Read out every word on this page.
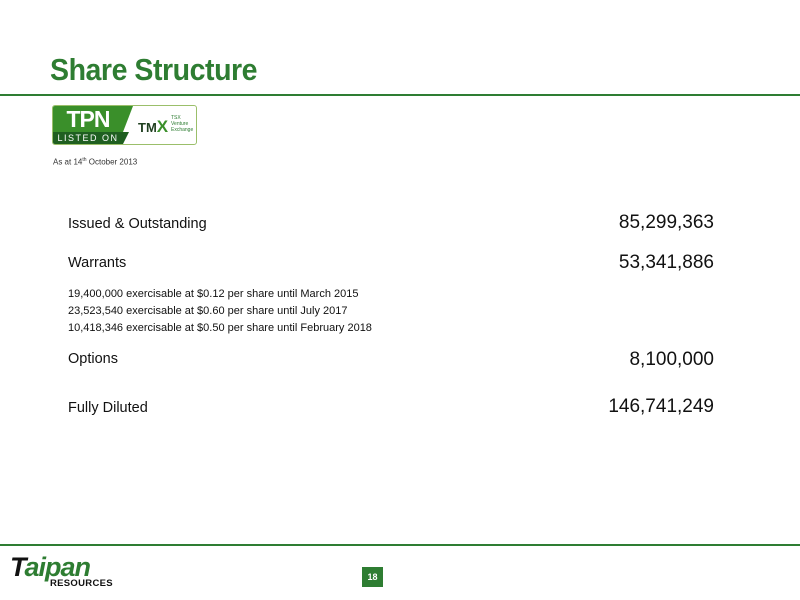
Share Structure
TPN
LISTED ON
TMX TSX Venture Exchange
As at 14th October 2013
Issued & Outstanding	85,299,363
Warrants	53,341,886
19,400,000 exercisable at $0.12 per share until March 2015
23,523,540 exercisable at $0.60 per share until July 2017
10,418,346 exercisable at $0.50 per share until February 2018
Options	8,100,000
Fully Diluted	146,741,249
Taipan
RESOURCES
18
